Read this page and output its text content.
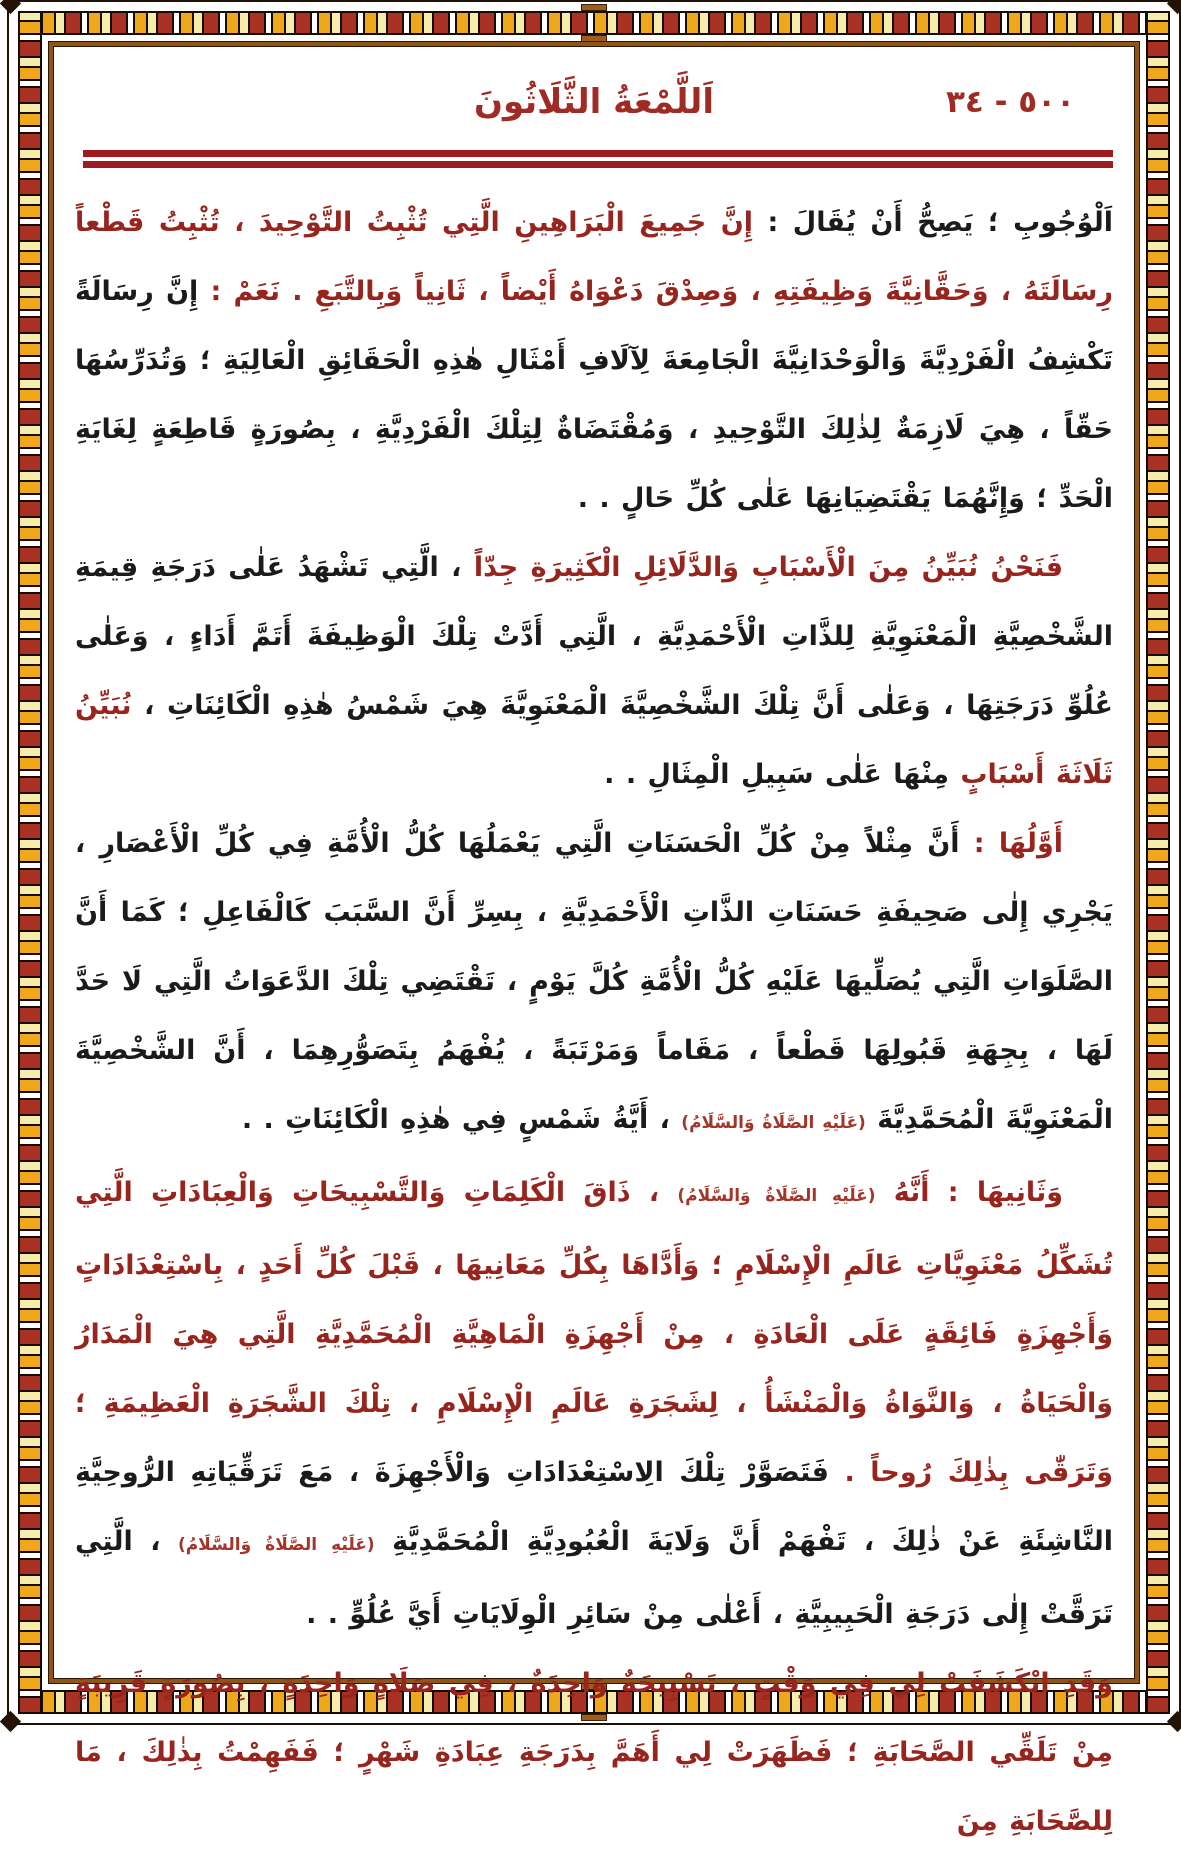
٥٠٠ - ٣٤
اَللَّمْعَةُ الثَّلَاثُونَ

اَلْوُجُوبِ ؛ يَصِحُّ أَنْ يُقَالَ : إِنَّ جَمِيعَ الْبَرَاهِينِ الَّتِي تُثْبِتُ التَّوْحِيدَ ، تُثْبِتُ قَطْعاً رِسَالَتَهُ ، وَحَقَّانِيَّةَ وَظِيفَتِهِ ، وَصِدْقَ دَعْوَاهُ أَيْضاً ، ثَانِياً وَبِالتَّبَعِ . نَعَمْ : إِنَّ رِسَالَةً تَكْشِفُ الْفَرْدِيَّةَ وَالْوَحْدَانِيَّةَ الْجَامِعَةَ لِآلَافِ أَمْثَالِ هٰذِهِ الْحَقَائِقِ الْعَالِيَةِ ؛ وَتُدَرِّسُهَا حَقّاً ، هِيَ لَازِمَةٌ لِذٰلِكَ التَّوْحِيدِ ، وَمُقْتَضَاةٌ لِتِلْكَ الْفَرْدِيَّةِ ، بِصُورَةٍ قَاطِعَةٍ لِغَايَةِ الْحَدِّ ؛ وَإِنَّهُمَا يَقْتَضِيَانِهَا عَلٰى كُلِّ حَالٍ . .

فَنَحْنُ نُبَيِّنُ مِنَ الْأَسْبَابِ وَالدَّلَائِلِ الْكَثِيرَةِ جِدّاً ، الَّتِي تَشْهَدُ عَلٰى دَرَجَةِ قِيمَةِ الشَّخْصِيَّةِ الْمَعْنَوِيَّةِ لِلذَّاتِ الْأَحْمَدِيَّةِ ، الَّتِي أَدَّتْ تِلْكَ الْوَظِيفَةَ أَتَمَّ أَدَاءٍ ، وَعَلٰى عُلُوِّ دَرَجَتِهَا ، وَعَلٰى أَنَّ تِلْكَ الشَّخْصِيَّةَ الْمَعْنَوِيَّةَ هِيَ شَمْسُ هٰذِهِ الْكَائِنَاتِ ، نُبَيِّنُ ثَلَاثَةَ أَسْبَابٍ مِنْهَا عَلٰى سَبِيلِ الْمِثَالِ . .

أَوَّلُهَا : أَنَّ مِثْلاً مِنْ كُلِّ الْحَسَنَاتِ الَّتِي يَعْمَلُهَا كُلُّ الْأُمَّةِ فِي كُلِّ الْأَعْصَارِ ، يَجْرِي إِلٰى صَحِيفَةِ حَسَنَاتِ الذَّاتِ الْأَحْمَدِيَّةِ ، بِسِرِّ أَنَّ السَّبَبَ كَالْفَاعِلِ ؛ كَمَا أَنَّ الصَّلَوَاتِ الَّتِي يُصَلِّيهَا عَلَيْهِ كُلُّ الْأُمَّةِ كُلَّ يَوْمٍ ، تَقْتَضِي تِلْكَ الدَّعَوَاتُ الَّتِي لَا حَدَّ لَهَا ، بِجِهَةِ قَبُولِهَا قَطْعاً ، مَقَاماً وَمَرْتَبَةً ، يُفْهَمُ بِتَصَوُّرِهِمَا ، أَنَّ الشَّخْصِيَّةَ الْمَعْنَوِيَّةَ الْمُحَمَّدِيَّةَ (عَلَيْهِ الصَّلَاةُ وَالسَّلَامُ) ، أَيَّةُ شَمْسٍ فِي هٰذِهِ الْكَائِنَاتِ . .

وَثَانِيهَا : أَنَّهُ (عَلَيْهِ الصَّلَاةُ وَالسَّلَامُ) ، ذَاقَ الْكَلِمَاتِ وَالتَّسْبِيحَاتِ وَالْعِبَادَاتِ الَّتِي تُشَكِّلُ مَعْنَوِيَّاتِ عَالَمِ الْإِسْلَامِ ؛ وَأَدَّاهَا بِكُلِّ مَعَانِيهَا ، قَبْلَ كُلِّ أَحَدٍ ، بِاسْتِعْدَادَاتٍ وَأَجْهِزَةٍ فَائِقَةٍ عَلَى الْعَادَةِ ، مِنْ أَجْهِزَةِ الْمَاهِيَّةِ الْمُحَمَّدِيَّةِ الَّتِي هِيَ الْمَدَارُ وَالْحَيَاةُ ، وَالنَّوَاةُ وَالْمَنْشَأُ ، لِشَجَرَةِ عَالَمِ الْإِسْلَامِ ، تِلْكَ الشَّجَرَةِ الْعَظِيمَةِ ؛ وَتَرَقّٰى بِذٰلِكَ رُوحاً . فَتَصَوَّرْ تِلْكَ الِاسْتِعْدَادَاتِ وَالْأَجْهِزَةَ ، مَعَ تَرَقِّيَاتِهِ الرُّوحِيَّةِ النَّاشِئَةِ عَنْ ذٰلِكَ ، تَفْهَمْ أَنَّ وَلَايَةَ الْعُبُودِيَّةِ الْمُحَمَّدِيَّةِ (عَلَيْهِ الصَّلَاةُ وَالسَّلَامُ) ، الَّتِي تَرَقَّتْ إِلٰى دَرَجَةِ الْحَبِيبِيَّةِ ، أَعْلٰى مِنْ سَائِرِ الْوِلَايَاتِ أَيَّ عُلُوٍّ . .

وَقَدِ انْكَشَفَتْ لِي فِي وَقْتٍ ، تَسْبِيحَةٌ وَاحِدَةٌ ، فِي صَلَاةٍ وَاحِدَةٍ ، بِصُورَةٍ قَرِيبَةٍ مِنْ تَلَقِّي الصَّحَابَةِ ؛ فَظَهَرَتْ لِي أَهَمَّ بِدَرَجَةِ عِبَادَةِ شَهْرٍ ؛ فَفَهِمْتُ بِذٰلِكَ ، مَا لِلصَّحَابَةِ مِنَ
